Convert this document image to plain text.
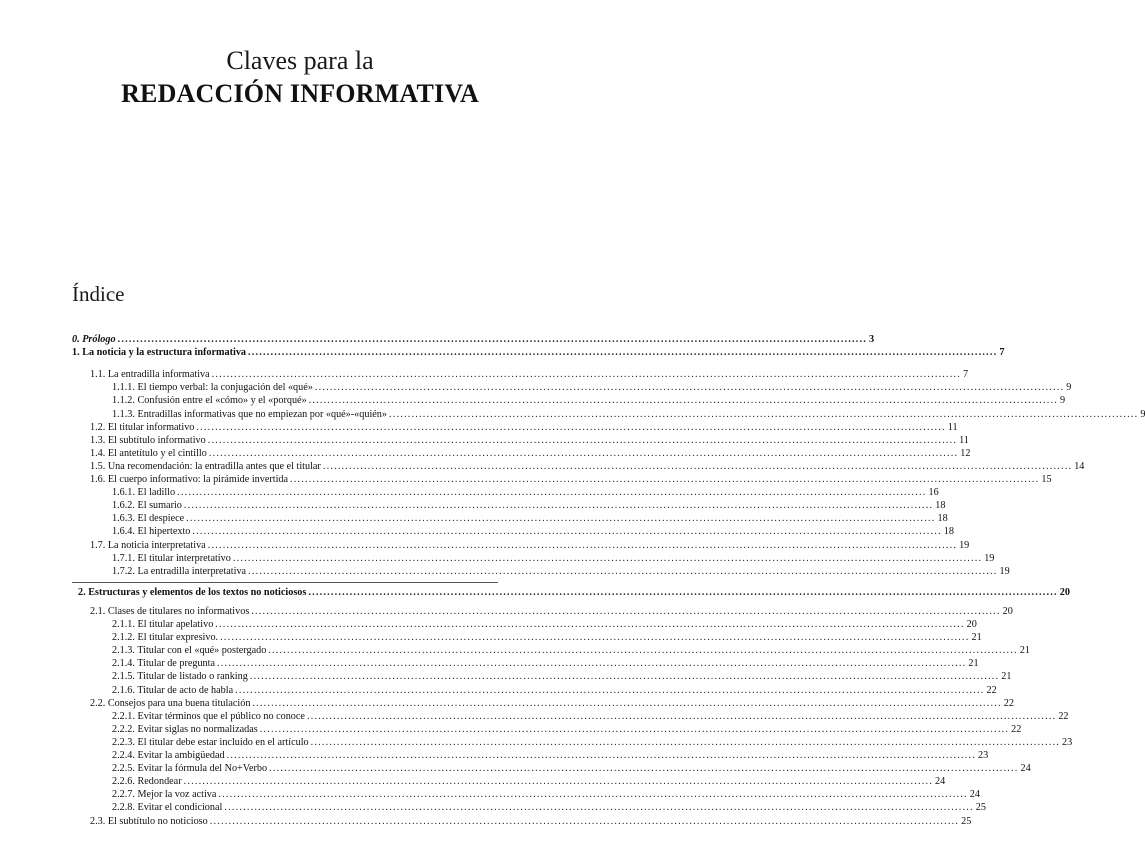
Claves para la
REDACCIÓN INFORMATIVA
Índice
0. Prólogo ........................................................................................................................................................................................................ 3
1. La noticia y la estructura informativa ........................................................................................................................................................................................................ 7
1.1. La entradilla informativa ........................................................................................................................................................................................................ 7
1.1.1. El tiempo verbal: la conjugación del «qué» ........................................................................................................................................................................................................ 9
1.1.2. Confusión entre el «cómo» y el «porqué» ........................................................................................................................................................................................................ 9
1.1.3. Entradillas informativas que no empiezan por «qué»-«quién» ........................................................................................................................................................................................................ 9
1.2. El titular informativo ........................................................................................................................................................................................................ 11
1.3. El subtítulo informativo ........................................................................................................................................................................................................ 11
1.4. El antetítulo y el cintillo ........................................................................................................................................................................................................ 12
1.5. Una recomendación: la entradilla antes que el titular ........................................................................................................................................................................................................ 14
1.6. El cuerpo informativo: la pirámide invertida ........................................................................................................................................................................................................ 15
1.6.1. El ladillo ........................................................................................................................................................................................................ 16
1.6.2. El sumario ........................................................................................................................................................................................................ 18
1.6.3. El despiece ........................................................................................................................................................................................................ 18
1.6.4. El hipertexto ........................................................................................................................................................................................................ 18
1.7. La noticia interpretativa ........................................................................................................................................................................................................ 19
1.7.1. El titular interpretativo ........................................................................................................................................................................................................ 19
1.7.2. La entradilla interpretativa ........................................................................................................................................................................................................ 19
2. Estructuras y elementos de los textos no noticiosos ........................................................................................................................................................................................................ 20
2.1. Clases de titulares no informativos ........................................................................................................................................................................................................ 20
2.1.1. El titular apelativo ........................................................................................................................................................................................................ 20
2.1.2. El titular expresivo. ........................................................................................................................................................................................................ 21
2.1.3. Titular con el «qué» postergado ........................................................................................................................................................................................................ 21
2.1.4. Titular de pregunta ........................................................................................................................................................................................................ 21
2.1.5. Titular de listado o ranking ........................................................................................................................................................................................................ 21
2.1.6. Titular de acto de habla ........................................................................................................................................................................................................ 22
2.2. Consejos para una buena titulación ........................................................................................................................................................................................................ 22
2.2.1. Evitar términos que el público no conoce ........................................................................................................................................................................................................ 22
2.2.2. Evitar siglas no normalizadas ........................................................................................................................................................................................................ 22
2.2.3. El titular debe estar incluido en el artículo ........................................................................................................................................................................................................ 23
2.2.4. Evitar la ambigüedad ........................................................................................................................................................................................................ 23
2.2.5. Evitar la fórmula del No+Verbo ........................................................................................................................................................................................................ 24
2.2.6. Redondear ........................................................................................................................................................................................................ 24
2.2.7. Mejor la voz activa ........................................................................................................................................................................................................ 24
2.2.8. Evitar el condicional ........................................................................................................................................................................................................ 25
2.3. El subtítulo no noticioso ........................................................................................................................................................................................................ 25
